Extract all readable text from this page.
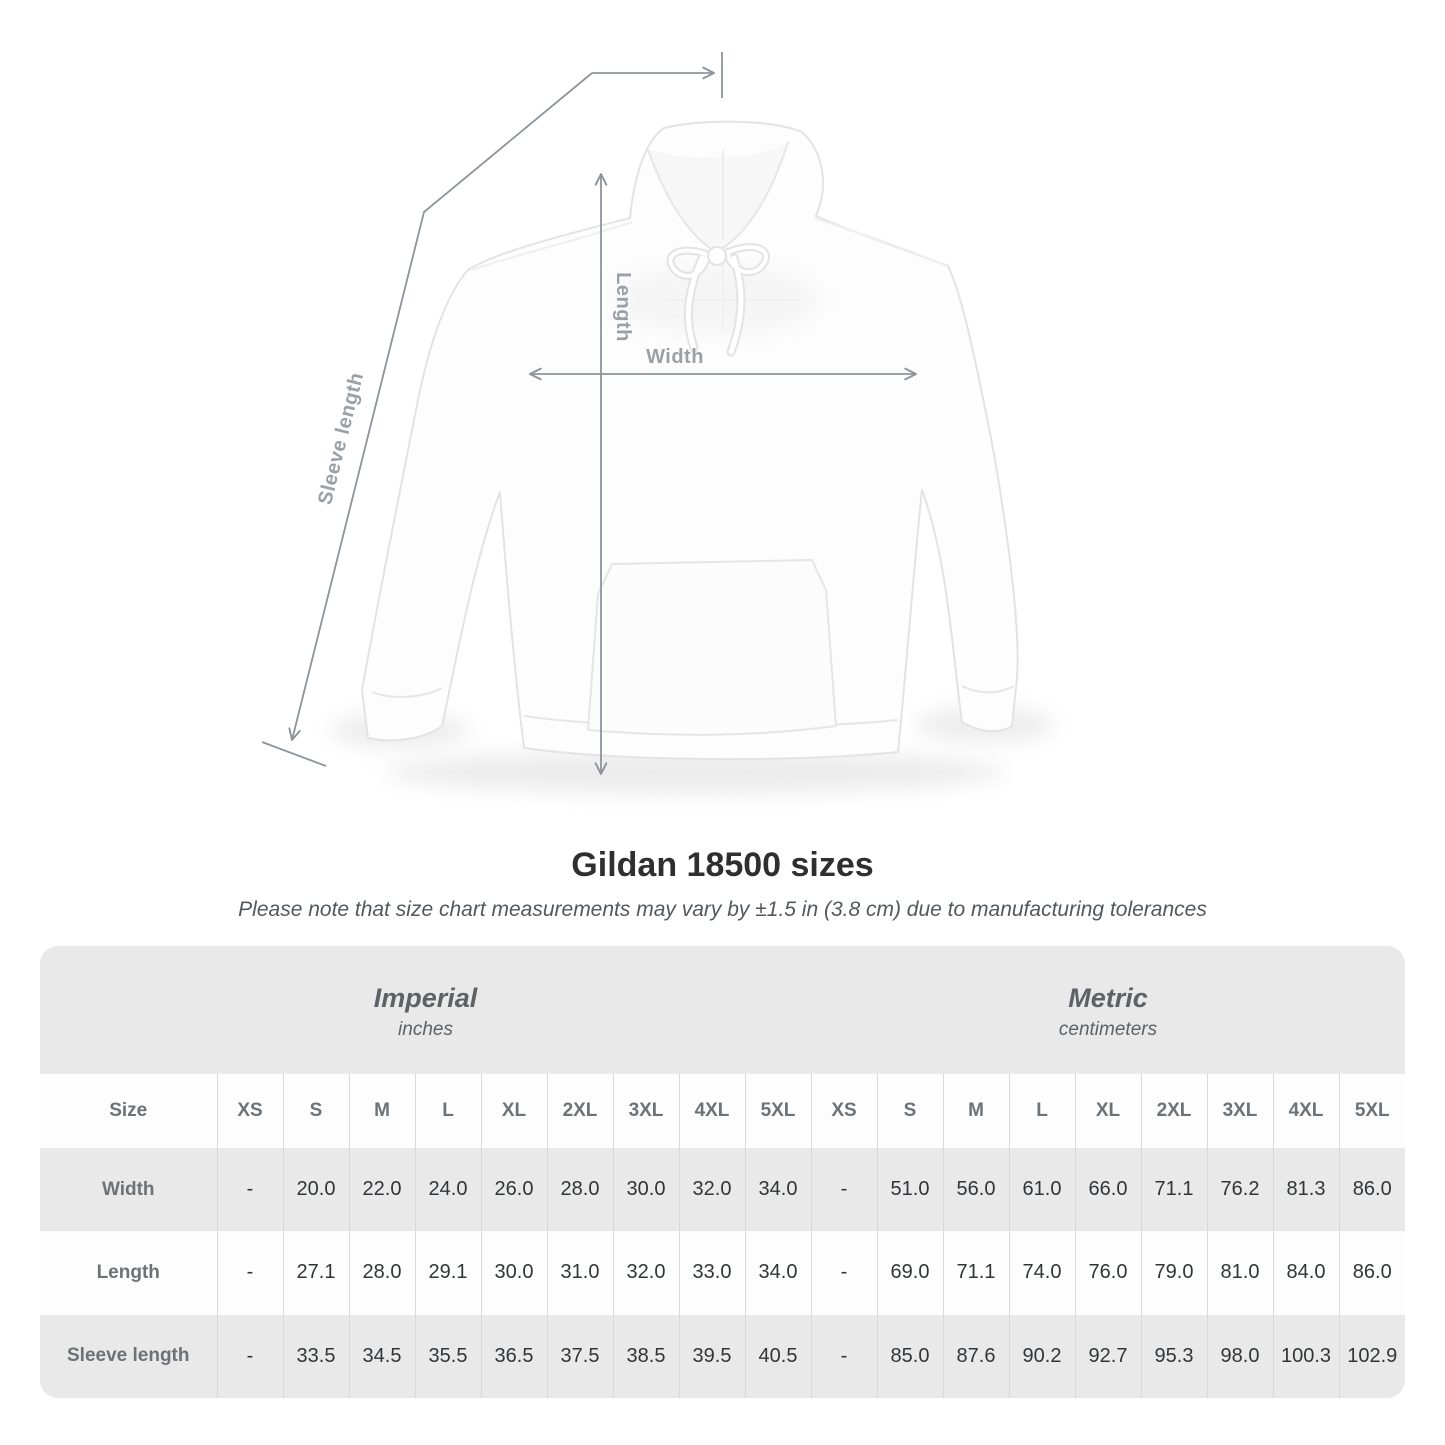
Length
Width
Sleeve length
Gildan 18500 sizes
Please note that size chart measurements may vary by ±1.5 in (3.8 cm) due to manufacturing tolerances
Imperial
inches

Metric
centimeters

Size	XS	S	M	L	XL	2XL	3XL	4XL	5XL	XS	S	M	L	XL	2XL	3XL	4XL	5XL
Width	-	20.0	22.0	24.0	26.0	28.0	30.0	32.0	34.0	-	51.0	56.0	61.0	66.0	71.1	76.2	81.3	86.0
Length	-	27.1	28.0	29.1	30.0	31.0	32.0	33.0	34.0	-	69.0	71.1	74.0	76.0	79.0	81.0	84.0	86.0
Sleeve length	-	33.5	34.5	35.5	36.5	37.5	38.5	39.5	40.5	-	85.0	87.6	90.2	92.7	95.3	98.0	100.3	102.9
